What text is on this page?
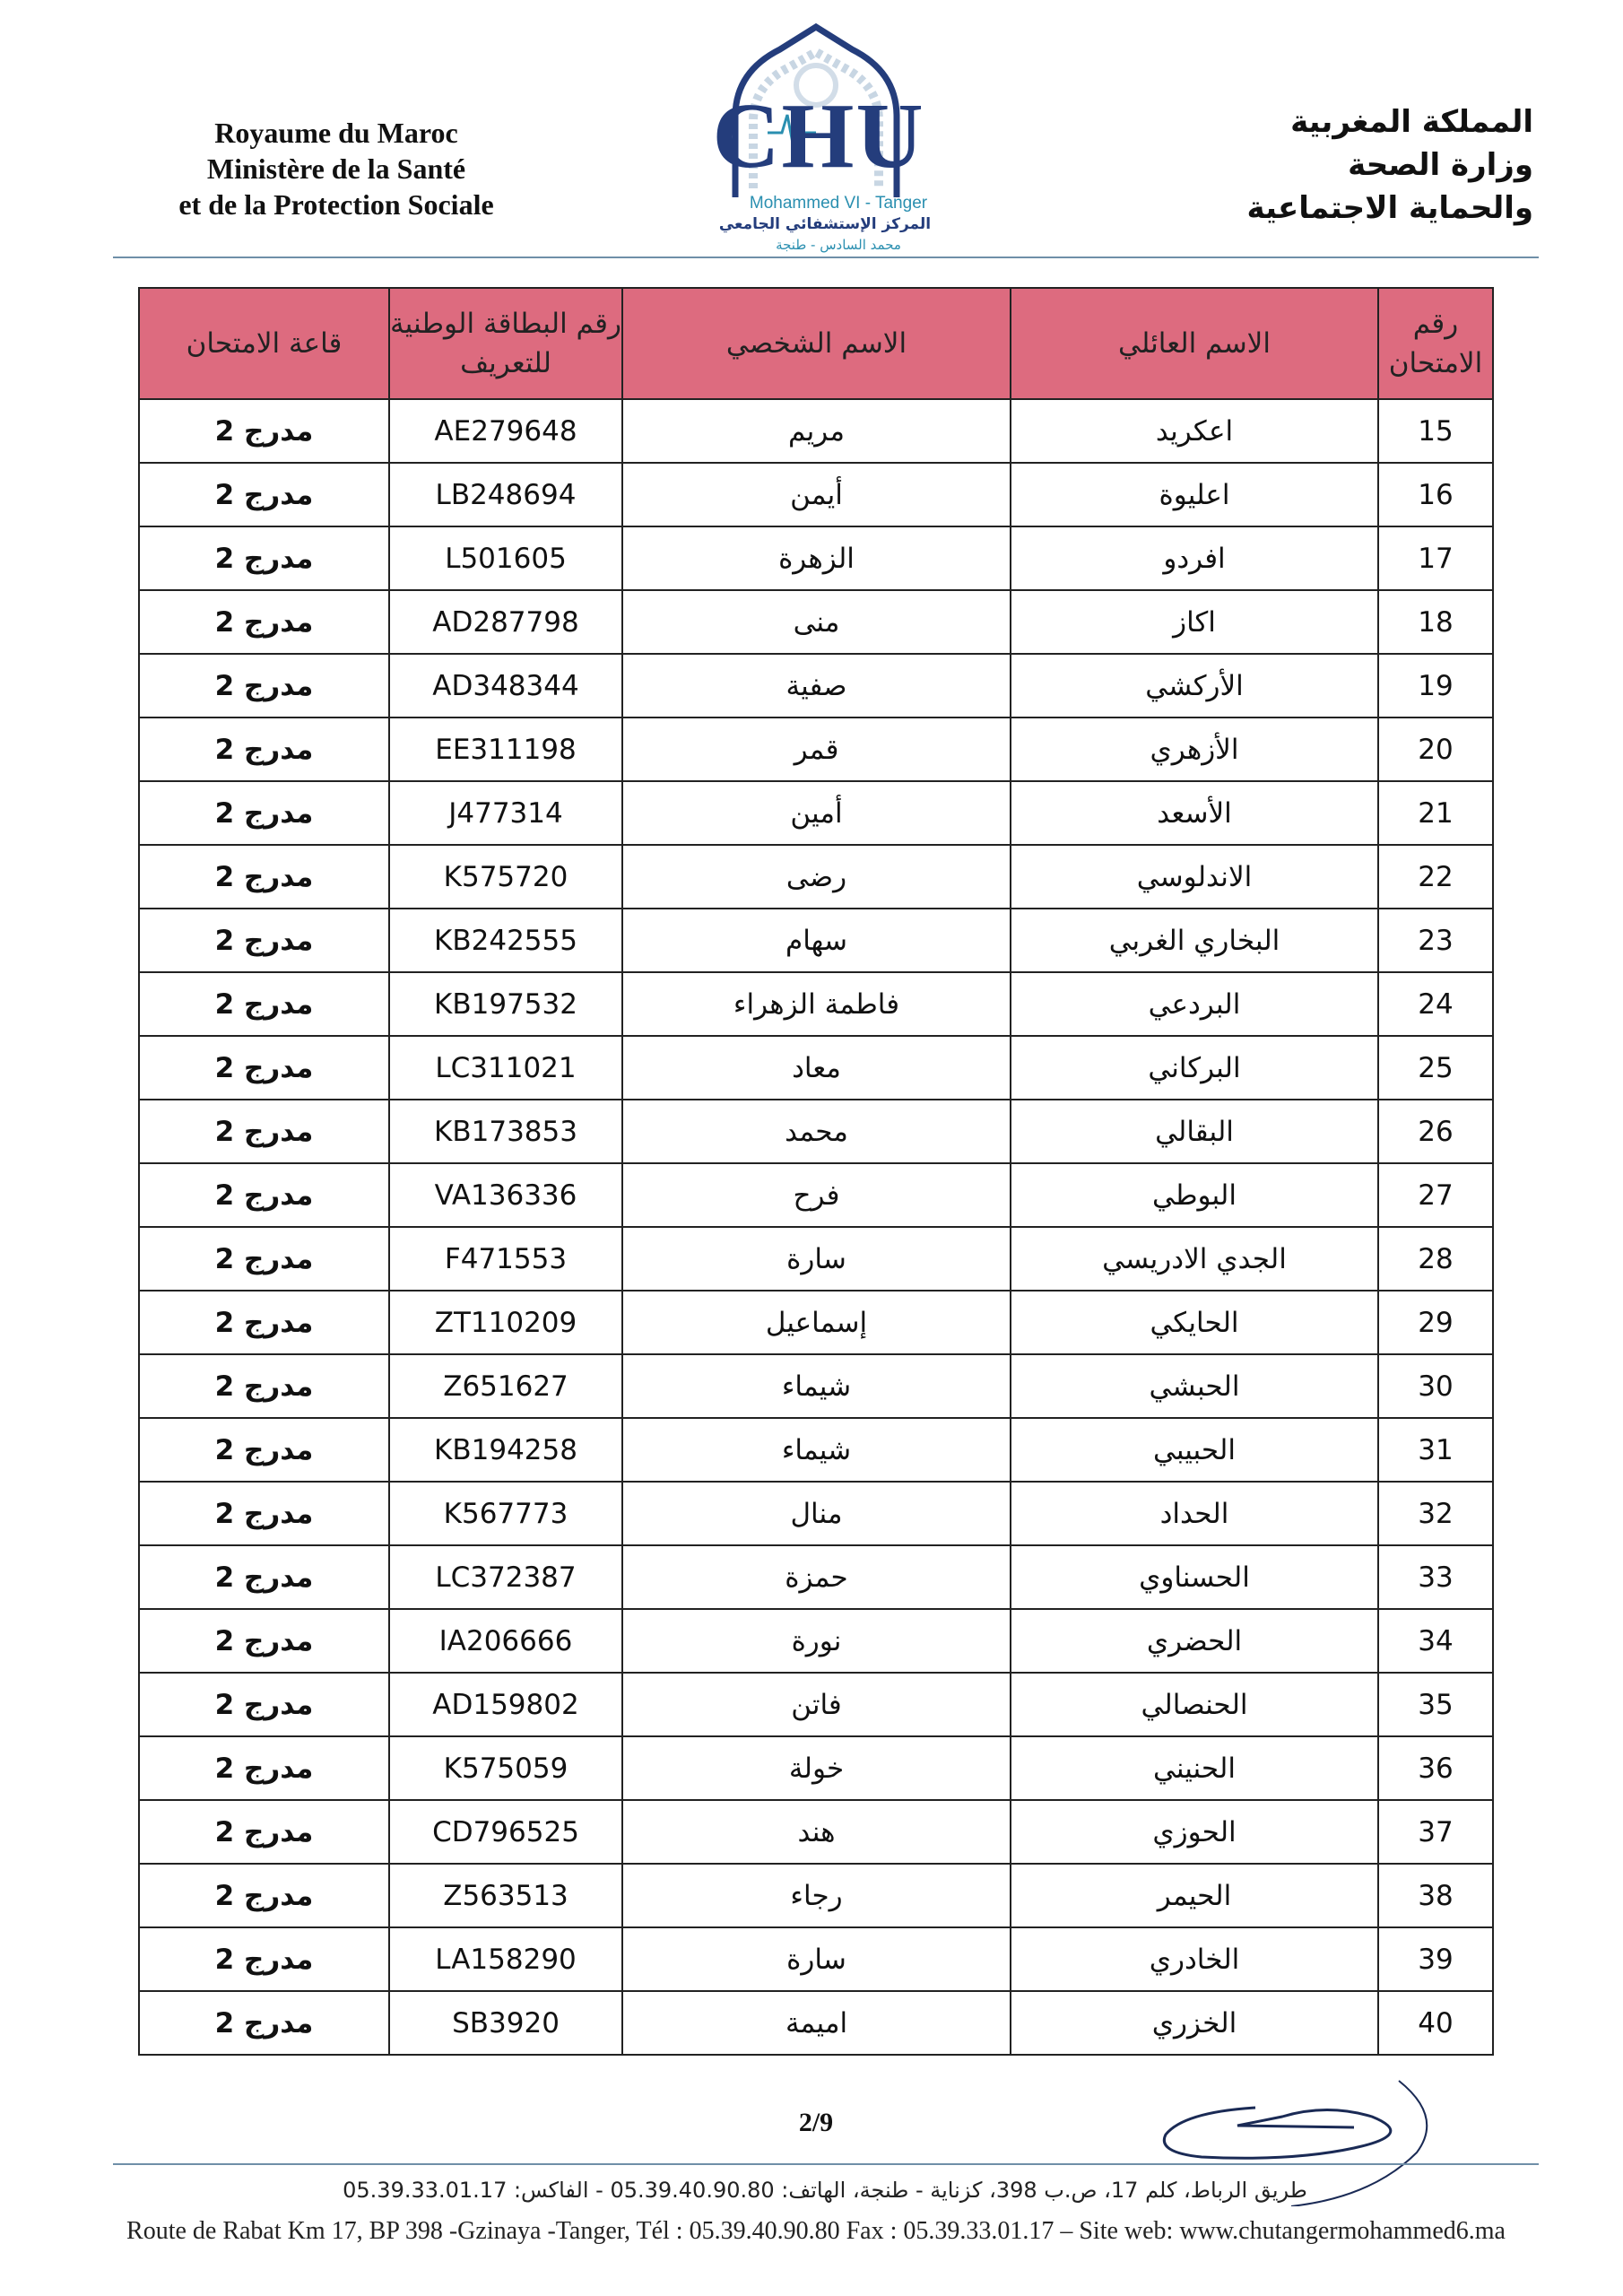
Royaume du Maroc
Ministère de la Santé
et de la Protection Sociale
CHU
Mohammed VI - Tanger
المركز الإستشفائي الجامعي
محمد السادس - طنجة
المملكة المغربية
وزارة الصحة
والحماية الاجتماعية
رقم الامتحان	الاسم العائلي	الاسم الشخصي	رقم البطاقة الوطنية للتعريف	قاعة الامتحان
15	اعكريد	مريم	AE279648	مدرج 2
16	اعليوة	أيمن	LB248694	مدرج 2
17	افردو	الزهرة	L501605	مدرج 2
18	اكاز	منى	AD287798	مدرج 2
19	الأركشي	صفية	AD348344	مدرج 2
20	الأزهري	قمر	EE311198	مدرج 2
21	الأسعد	أمين	J477314	مدرج 2
22	الاندلوسي	رضى	K575720	مدرج 2
23	البخاري الغربي	سهام	KB242555	مدرج 2
24	البردعي	فاطمة الزهراء	KB197532	مدرج 2
25	البركاني	معاد	LC311021	مدرج 2
26	البقالي	محمد	KB173853	مدرج 2
27	البوطي	فرح	VA136336	مدرج 2
28	الجدي الادريسي	سارة	F471553	مدرج 2
29	الحايكي	إسماعيل	ZT110209	مدرج 2
30	الحبشي	شيماء	Z651627	مدرج 2
31	الحبيبي	شيماء	KB194258	مدرج 2
32	الحداد	منال	K567773	مدرج 2
33	الحسناوي	حمزة	LC372387	مدرج 2
34	الحضري	نورة	IA206666	مدرج 2
35	الحنصالي	فاتن	AD159802	مدرج 2
36	الحنيني	خولة	K575059	مدرج 2
37	الحوزي	هند	CD796525	مدرج 2
38	الحيمر	رجاء	Z563513	مدرج 2
39	الخادري	سارة	LA158290	مدرج 2
40	الخزري	اميمة	SB3920	مدرج 2
2/9
طريق الرباط، كلم 17، ص.ب 398، كزناية - طنجة، الهاتف: 05.39.40.90.80 - الفاكس: 05.39.33.01.17
Route de Rabat Km 17, BP 398 -Gzinaya -Tanger, Tél : 05.39.40.90.80 Fax : 05.39.33.01.17 – Site web: www.chutangermohammed6.ma
